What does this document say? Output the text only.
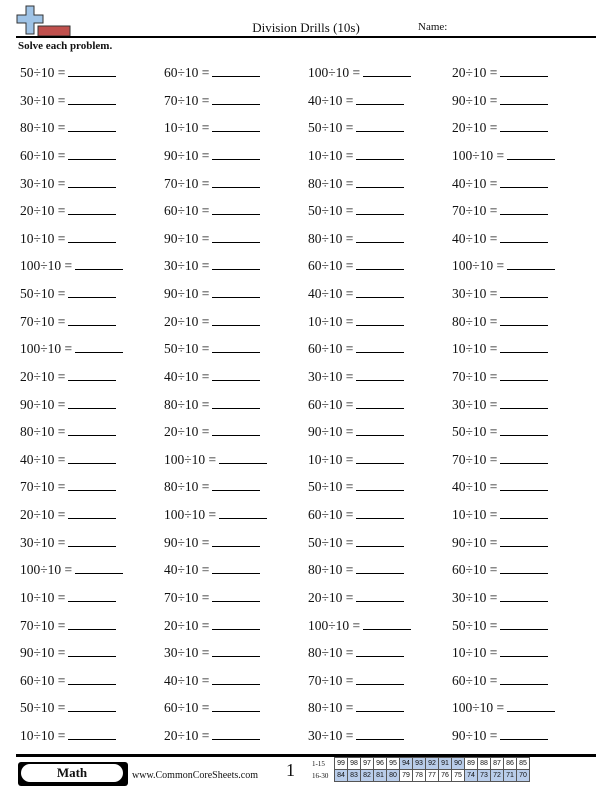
Division Drills (10s)	Name:
Solve each problem.
50÷10 =	60÷10 =	100÷10 =	20÷10 =
30÷10 =	70÷10 =	40÷10 =	90÷10 =
80÷10 =	10÷10 =	50÷10 =	20÷10 =
60÷10 =	90÷10 =	10÷10 =	100÷10 =
30÷10 =	70÷10 =	80÷10 =	40÷10 =
20÷10 =	60÷10 =	50÷10 =	70÷10 =
10÷10 =	90÷10 =	80÷10 =	40÷10 =
100÷10 =	30÷10 =	60÷10 =	100÷10 =
50÷10 =	90÷10 =	40÷10 =	30÷10 =
70÷10 =	20÷10 =	10÷10 =	80÷10 =
100÷10 =	50÷10 =	60÷10 =	10÷10 =
20÷10 =	40÷10 =	30÷10 =	70÷10 =
90÷10 =	80÷10 =	60÷10 =	30÷10 =
80÷10 =	20÷10 =	90÷10 =	50÷10 =
40÷10 =	100÷10 =	10÷10 =	70÷10 =
70÷10 =	80÷10 =	50÷10 =	40÷10 =
20÷10 =	100÷10 =	60÷10 =	10÷10 =
30÷10 =	90÷10 =	50÷10 =	90÷10 =
100÷10 =	40÷10 =	80÷10 =	60÷10 =
10÷10 =	70÷10 =	20÷10 =	30÷10 =
70÷10 =	20÷10 =	100÷10 =	50÷10 =
90÷10 =	30÷10 =	80÷10 =	10÷10 =
60÷10 =	40÷10 =	70÷10 =	60÷10 =
50÷10 =	60÷10 =	80÷10 =	100÷10 =
10÷10 =	20÷10 =	30÷10 =	90÷10 =
Math	www.CommonCoreSheets.com 1 1-15	99	98	97	96	95	94	93	92	91	90	89	88	87	86	85
16-30	84	83	82	81	80	79	78	77	76	75	74	73	72	71	70
